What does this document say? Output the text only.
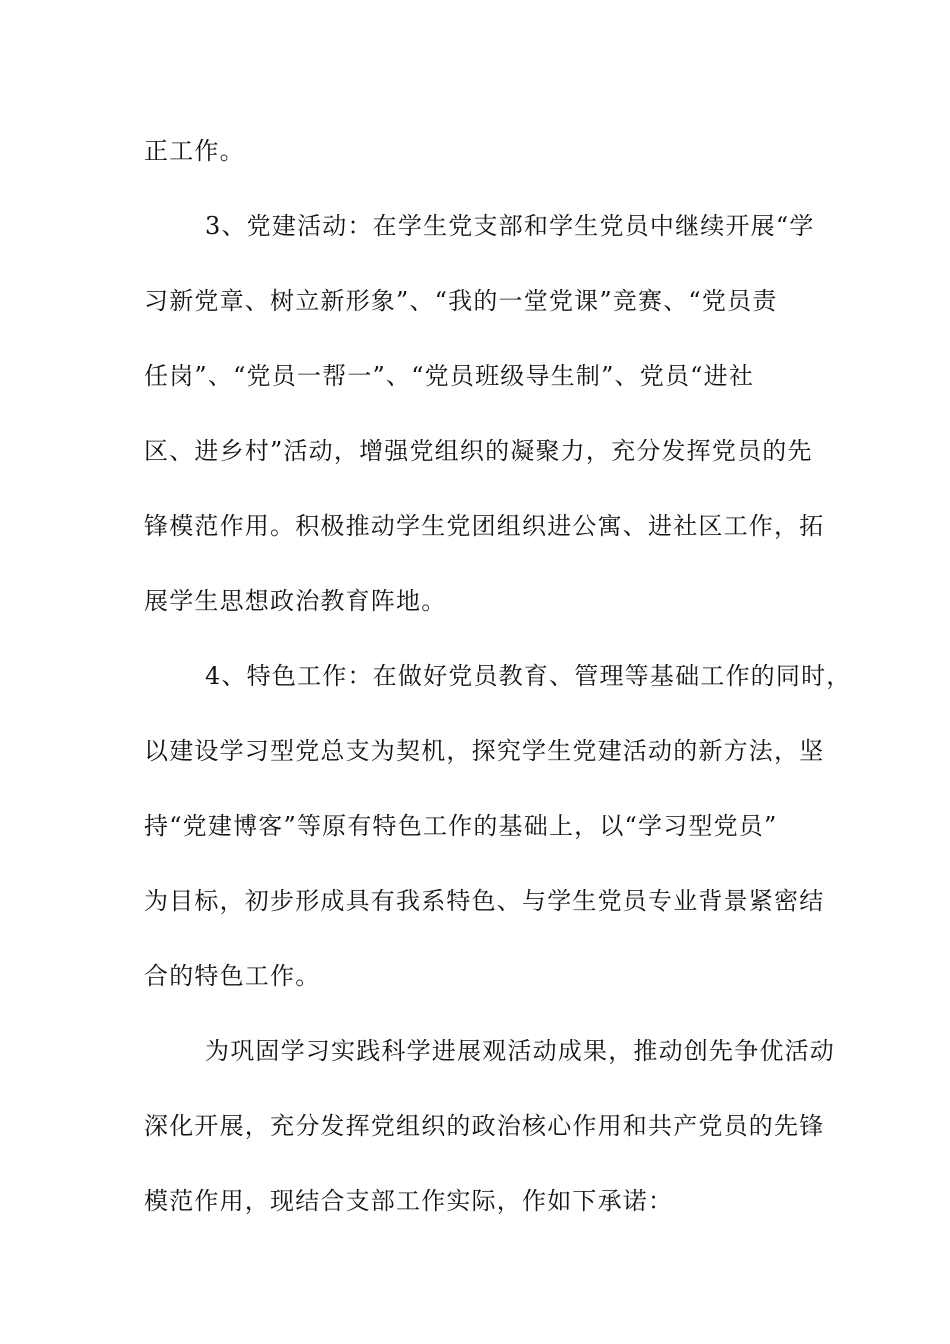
正工作。
3、党建活动：在学生党支部和学生党员中继续开展“学
习新党章、树立新形象”、“我的一堂党课”竞赛、“党员责
任岗”、“党员一帮一”、“党员班级导生制”、党员“进社
区、进乡村”活动，增强党组织的凝聚力，充分发挥党员的先
锋模范作用。积极推动学生党团组织进公寓、进社区工作，拓
展学生思想政治教育阵地。
4、特色工作：在做好党员教育、管理等基础工作的同时，
以建设学习型党总支为契机，探究学生党建活动的新方法，坚
持“党建博客”等原有特色工作的基础上，以“学习型党员”
为目标，初步形成具有我系特色、与学生党员专业背景紧密结
合的特色工作。
为巩固学习实践科学进展观活动成果，推动创先争优活动
深化开展，充分发挥党组织的政治核心作用和共产党员的先锋
模范作用，现结合支部工作实际，作如下承诺：
